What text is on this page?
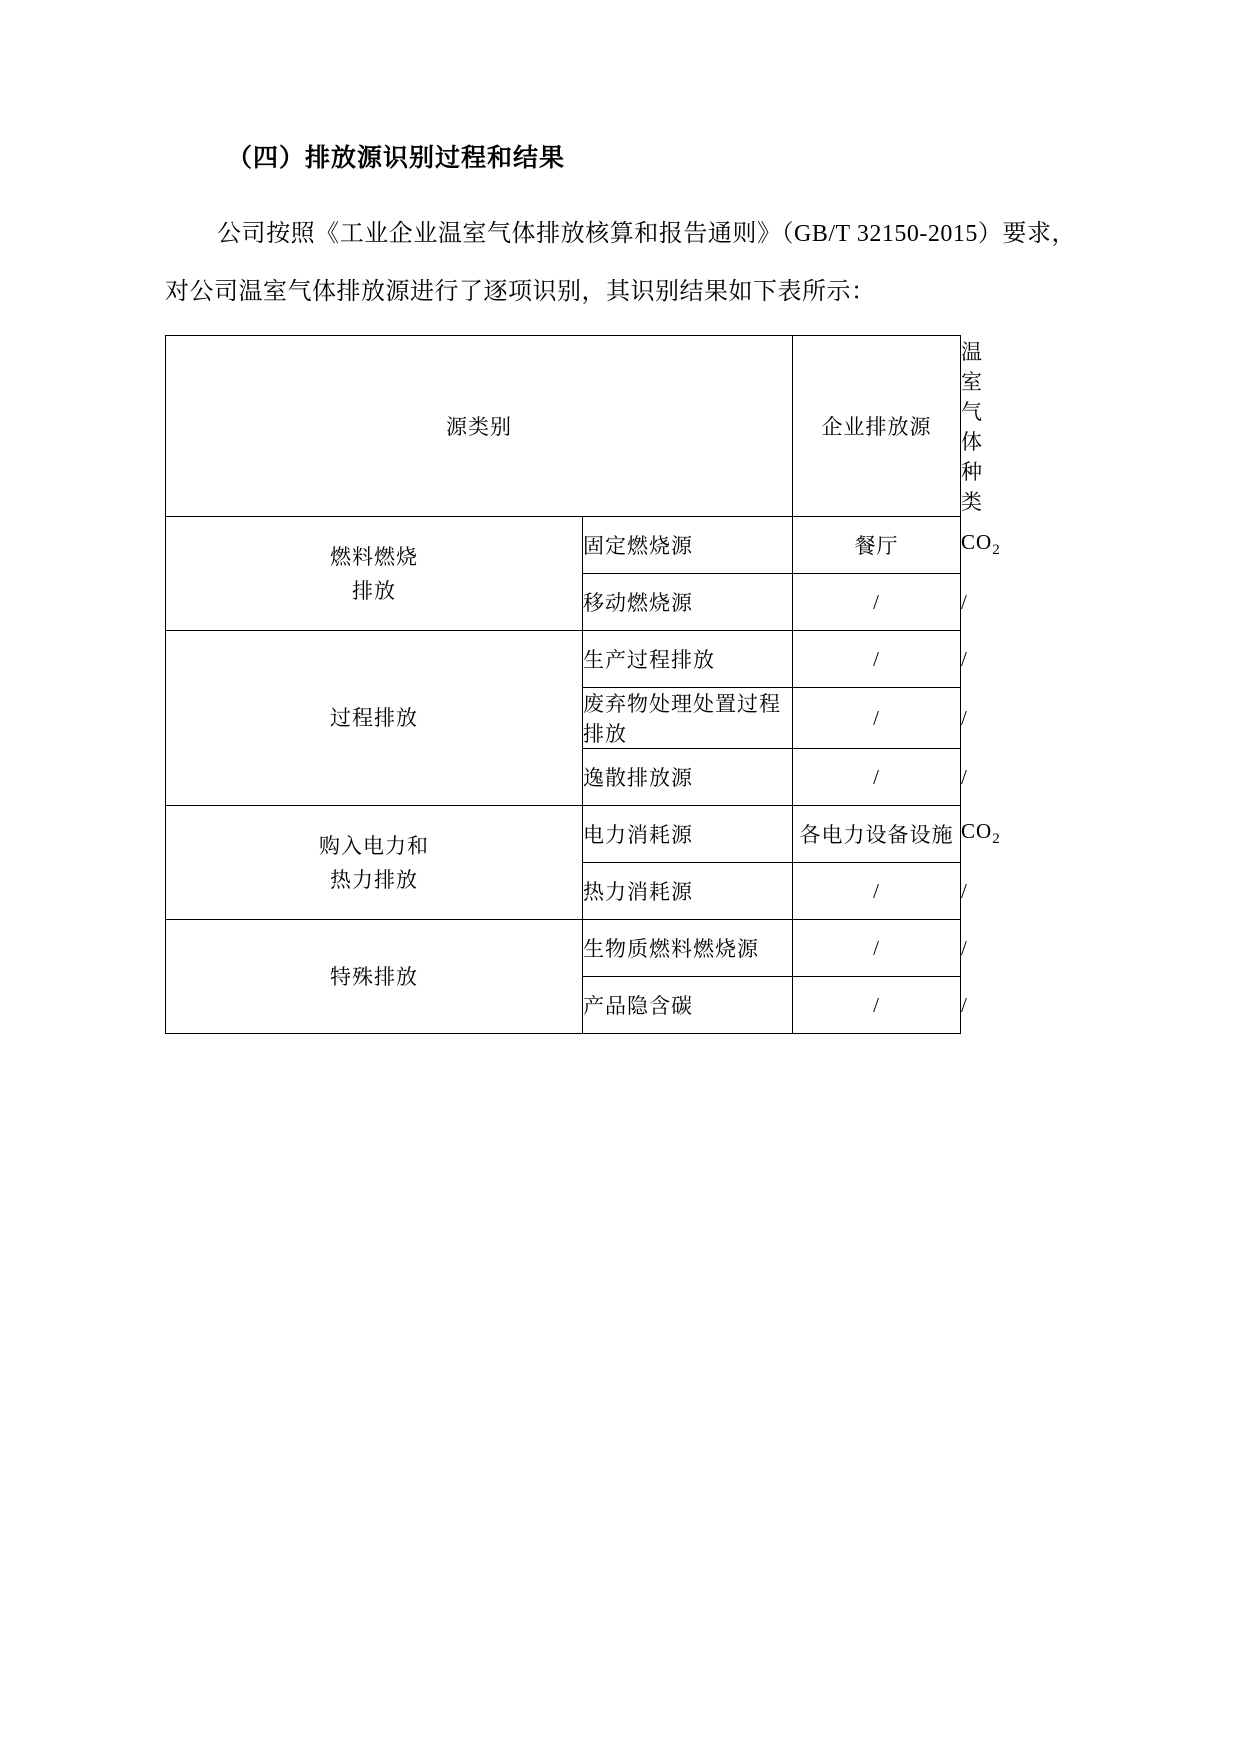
（四）排放源识别过程和结果

公司按照《工业企业温室气体排放核算和报告通则》（GB/T 32150-2015）要求，对公司温室气体排放源进行了逐项识别，其识别结果如下表所示：

源类别		企业排放源	温室气体种类
燃料燃烧
排放	固定燃烧源	餐厅	$CO_2$
	移动燃烧源	/	/
过程排放	生产过程排放	/	/
	废弃物处理处置过程排放	/	/
	逸散排放源	/	/
购入电力和
热力排放	电力消耗源	各电力设备设施	$CO_2$
	热力消耗源	/	/
特殊排放	生物质燃料燃烧源	/	/
	产品隐含碳	/	/
